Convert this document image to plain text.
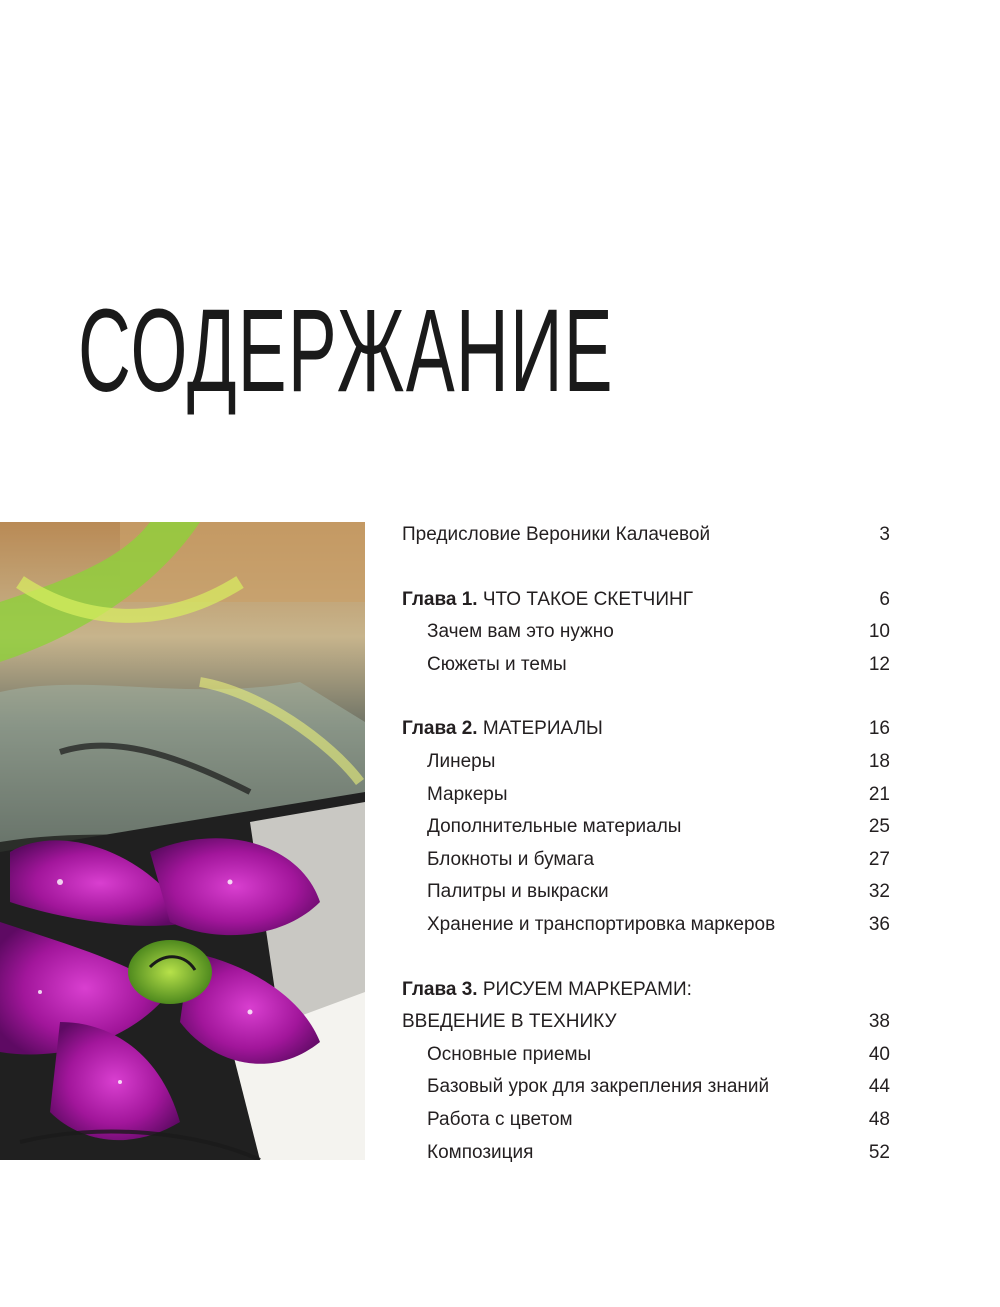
СОДЕРЖАНИЕ
Предисловие Вероники Калачевой	3
Глава 1. ЧТО ТАКОЕ СКЕТЧИНГ	6
Зачем вам это нужно	10
Сюжеты и темы	12
Глава 2. МАТЕРИАЛЫ	16
Линеры	18
Маркеры	21
Дополнительные материалы	25
Блокноты и бумага	27
Палитры и выкраски	32
Хранение и транспортировка маркеров	36
Глава 3. РИСУЕМ МАРКЕРАМИ:
ВВЕДЕНИЕ В ТЕХНИКУ	38
Основные приемы	40
Базовый урок для закрепления знаний	44
Работа с цветом	48
Композиция	52
